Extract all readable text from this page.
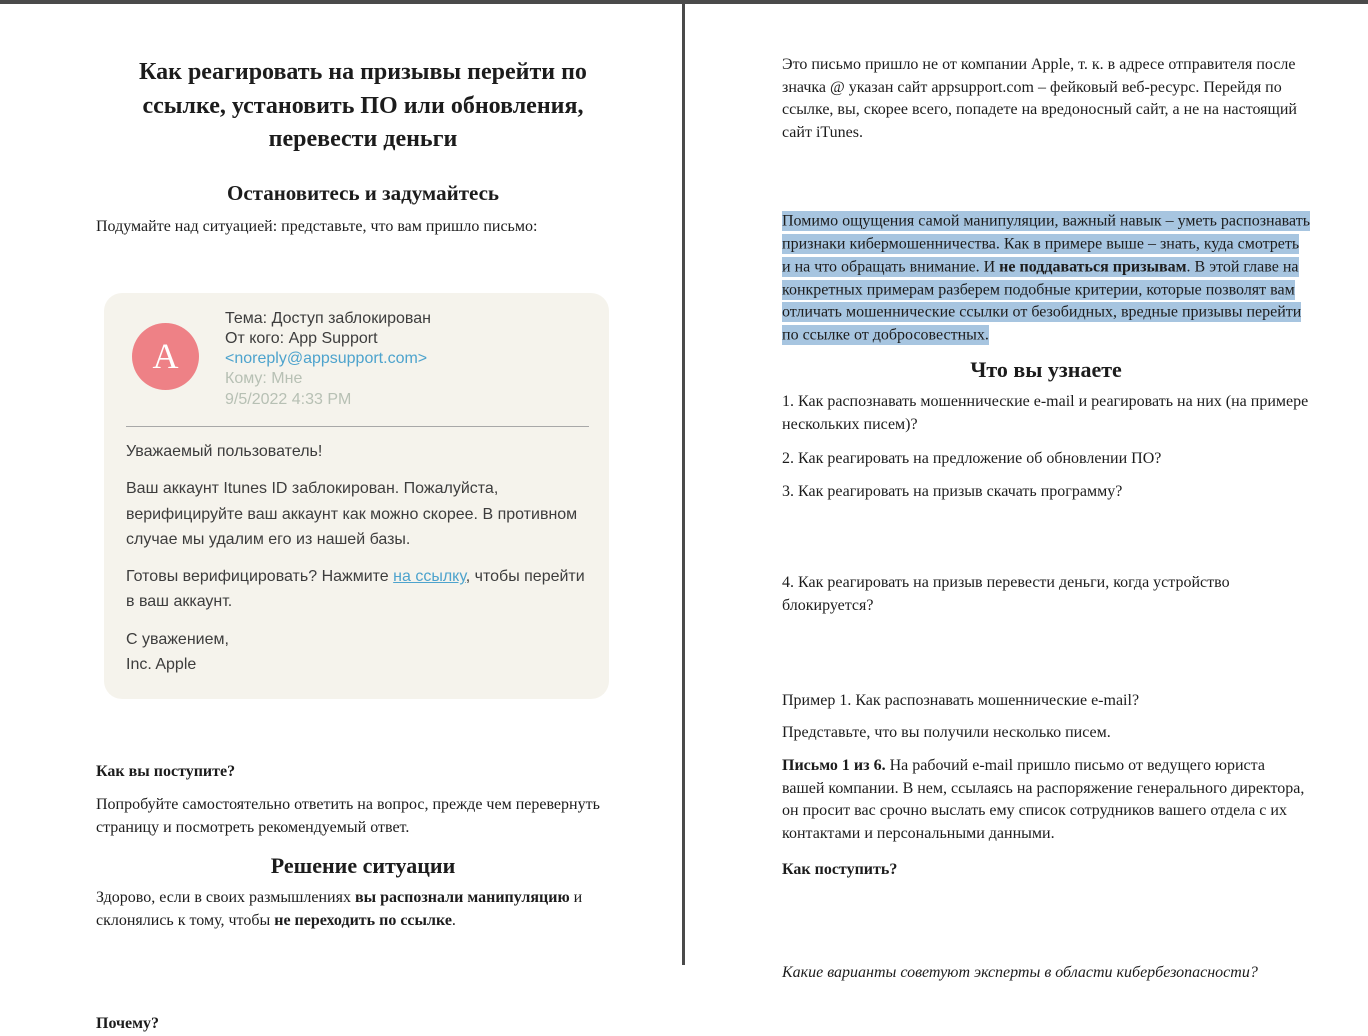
Как реагировать на призывы перейти по ссылке, установить ПО или обновления, перевести деньги
Остановитесь и задумайтесь

Подумайте над ситуацией: представьте, что вам пришло письмо:

A
Тема: Доступ заблокирован
От кого: App Support
<noreply@appsupport.com>
Кому: Мне
9/5/2022 4:33 PM

Уважаемый пользователь!

Ваш аккаунт Itunes ID заблокирован. Пожалуйста, верифицируйте ваш аккаунт как можно скорее. В противном случае мы удалим его из нашей базы.

Готовы верифицировать? Нажмите на ссылку, чтобы перейти в ваш аккаунт.

С уважением,
Inc. Apple

Как вы поступите?

Попробуйте самостоятельно ответить на вопрос, прежде чем перевернуть страницу и посмотреть рекомендуемый ответ.

Решение ситуации

Здорово, если в своих размышлениях вы распознали манипуляцию и склонялись к тому, чтобы не переходить по ссылке.

Почему?

Это письмо пришло не от компании Apple, т. к. в адресе отправителя после значка @ указан сайт appsupport.com – фейковый веб-ресурс. Перейдя по ссылке, вы, скорее всего, попадете на вредоносный сайт, а не на настоящий сайт iTunes.

Помимо ощущения самой манипуляции, важный навык – уметь распознавать признаки кибермошенничества. Как в примере выше – знать, куда смотреть и на что обращать внимание. И не поддаваться призывам. В этой главе на конкретных примерам разберем подобные критерии, которые позволят вам отличать мошеннические ссылки от безобидных, вредные призывы перейти по ссылке от добросовестных.

Что вы узнаете

1. Как распознавать мошеннические e-mail и реагировать на них (на примере нескольких писем)?

2. Как реагировать на предложение об обновлении ПО?

3. Как реагировать на призыв скачать программу?

4. Как реагировать на призыв перевести деньги, когда устройство блокируется?

Пример 1. Как распознавать мошеннические e-mail?

Представьте, что вы получили несколько писем.

Письмо 1 из 6. На рабочий e-mail пришло письмо от ведущего юриста вашей компании. В нем, ссылаясь на распоряжение генерального директора, он просит вас срочно выслать ему список сотрудников вашего отдела с их контактами и персональными данными.

Как поступить?

Какие варианты советуют эксперты в области кибербезопасности?
